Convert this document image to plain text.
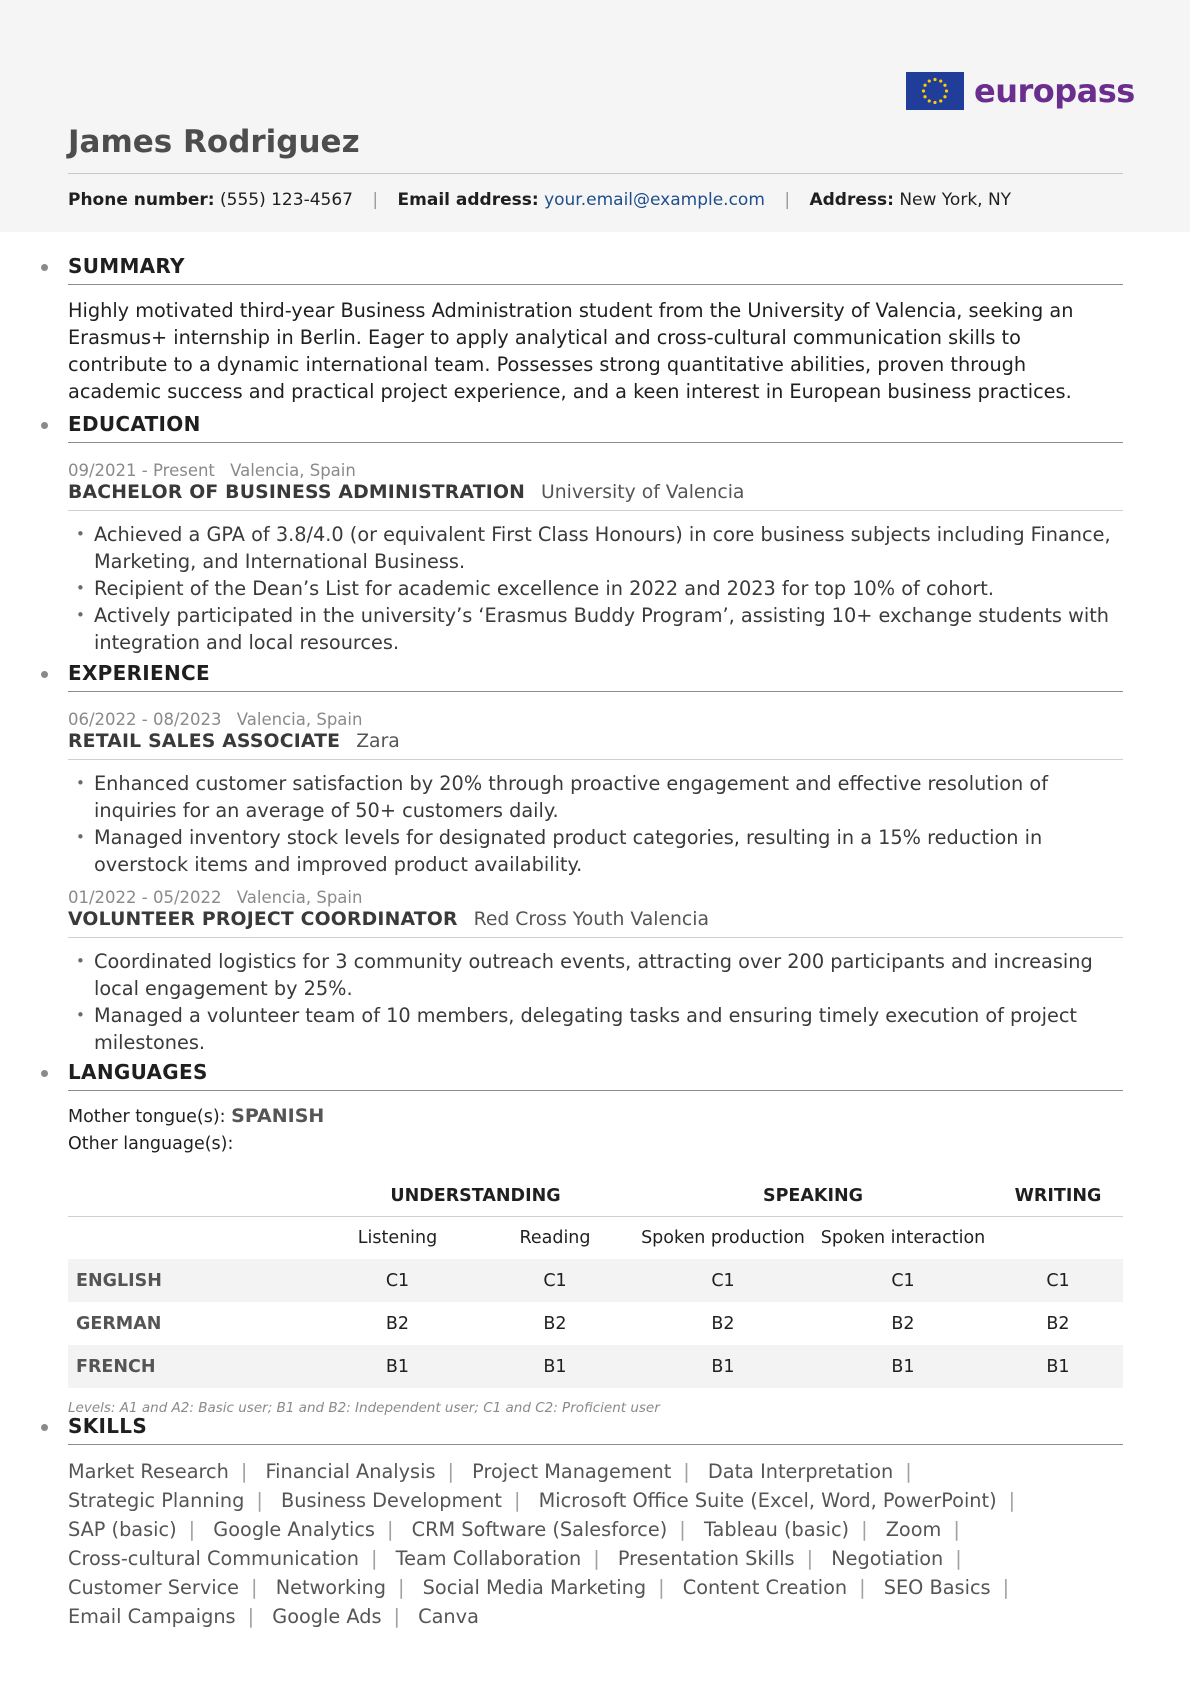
europass
James Rodriguez
Phone number: (555) 123-4567 | Email address: your.email@example.com | Address: New York, NY
SUMMARY
Highly motivated third-year Business Administration student from the University of Valencia, seeking an Erasmus+ internship in Berlin. Eager to apply analytical and cross-cultural communication skills to contribute to a dynamic international team. Possesses strong quantitative abilities, proven through academic success and practical project experience, and a keen interest in European business practices.
EDUCATION
09/2021 - Present Valencia, Spain
BACHELOR OF BUSINESS ADMINISTRATION University of Valencia
• Achieved a GPA of 3.8/4.0 (or equivalent First Class Honours) in core business subjects including Finance, Marketing, and International Business.
• Recipient of the Dean’s List for academic excellence in 2022 and 2023 for top 10% of cohort.
• Actively participated in the university’s ‘Erasmus Buddy Program’, assisting 10+ exchange students with integration and local resources.
EXPERIENCE
06/2022 - 08/2023 Valencia, Spain
RETAIL SALES ASSOCIATE Zara
• Enhanced customer satisfaction by 20% through proactive engagement and effective resolution of inquiries for an average of 50+ customers daily.
• Managed inventory stock levels for designated product categories, resulting in a 15% reduction in overstock items and improved product availability.
01/2022 - 05/2022 Valencia, Spain
VOLUNTEER PROJECT COORDINATOR Red Cross Youth Valencia
• Coordinated logistics for 3 community outreach events, attracting over 200 participants and increasing local engagement by 25%.
• Managed a volunteer team of 10 members, delegating tasks and ensuring timely execution of project milestones.
LANGUAGES
Mother tongue(s): SPANISH
Other language(s):
	UNDERSTANDING		SPEAKING		WRITING
	Listening	Reading	Spoken production	Spoken interaction	
ENGLISH	C1	C1	C1	C1	C1
GERMAN	B2	B2	B2	B2	B2
FRENCH	B1	B1	B1	B1	B1
Levels: A1 and A2: Basic user; B1 and B2: Independent user; C1 and C2: Proficient user
SKILLS
Market Research | Financial Analysis | Project Management | Data Interpretation | Strategic Planning | Business Development | Microsoft Office Suite (Excel, Word, PowerPoint) | SAP (basic) | Google Analytics | CRM Software (Salesforce) | Tableau (basic) | Zoom | Cross-cultural Communication | Team Collaboration | Presentation Skills | Negotiation | Customer Service | Networking | Social Media Marketing | Content Creation | SEO Basics | Email Campaigns | Google Ads | Canva
